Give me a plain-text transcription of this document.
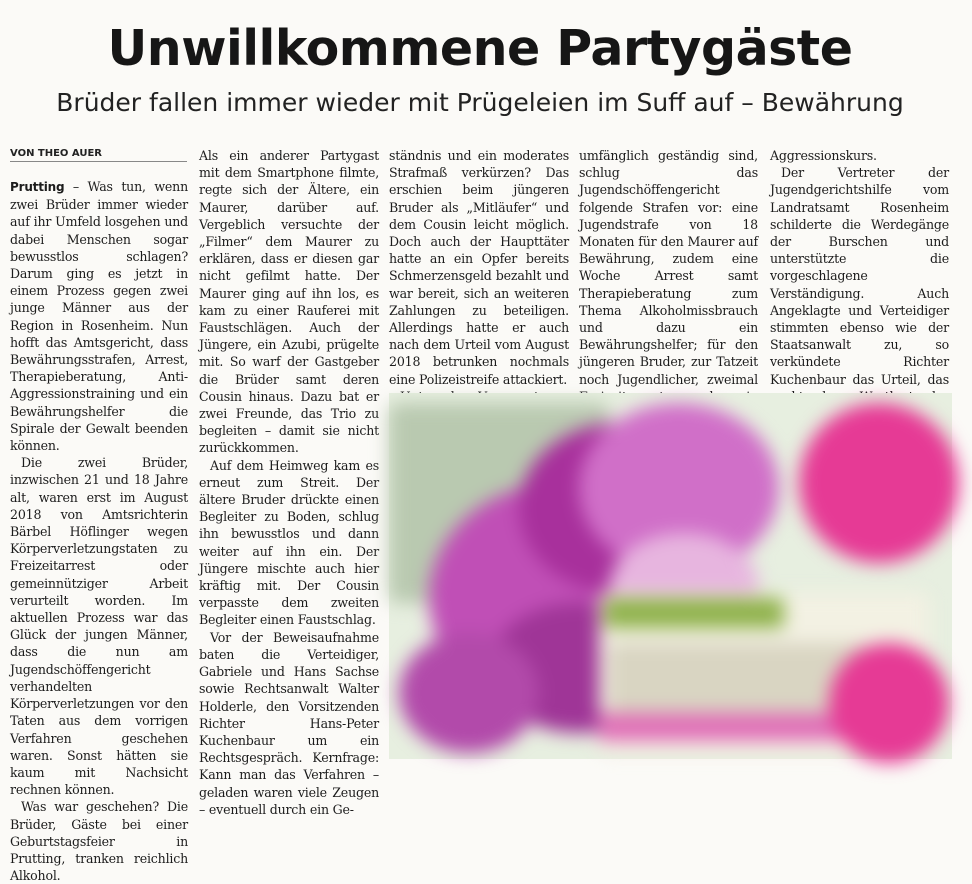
Unwillkommene Partygäste
Brüder fallen immer wieder mit Prügeleien im Suff auf – Bewährung
VON THEO AUER

Prutting – Was tun, wenn zwei Brüder immer wieder auf ihr Umfeld losgehen und dabei Menschen sogar bewusstlos schlagen? Darum ging es jetzt in einem Prozess gegen zwei junge Männer aus der Region in Rosenheim. Nun hofft das Amtsgericht, dass Bewährungsstrafen, Arrest, Therapieberatung, Anti-Aggressionstraining und ein Bewährungshelfer die Spirale der Gewalt beenden können.

Die zwei Brüder, inzwischen 21 und 18 Jahre alt, waren erst im August 2018 von Amtsrichterin Bärbel Höflinger wegen Körperverletzungstaten zu Freizeitarrest oder gemeinnütziger Arbeit verurteilt worden. Im aktuellen Prozess war das Glück der jungen Männer, dass die nun am Jugendschöffengericht verhandelten Körperverletzungen vor den Taten aus dem vorrigen Verfahren geschehen waren. Sonst hätten sie kaum mit Nachsicht rechnen können.

Was war geschehen? Die Brüder, Gäste bei einer Geburtstagsfeier in Prutting, tranken reichlich Alkohol.

Als ein anderer Partygast mit dem Smartphone filmte, regte sich der Ältere, ein Maurer, darüber auf. Vergeblich versuchte der „Filmer“ dem Maurer zu erklären, dass er diesen gar nicht gefilmt hatte. Der Maurer ging auf ihn los, es kam zu einer Rauferei mit Faustschlägen. Auch der Jüngere, ein Azubi, prügelte mit. So warf der Gastgeber die Brüder samt deren Cousin hinaus. Dazu bat er zwei Freunde, das Trio zu begleiten – damit sie nicht zurückkommen.

Auf dem Heimweg kam es erneut zum Streit. Der ältere Bruder drückte einen Begleiter zu Boden, schlug ihn bewusstlos und dann weiter auf ihn ein. Der Jüngere mischte auch hier kräftig mit. Der Cousin verpasste dem zweiten Begleiter einen Faustschlag.

Vor der Beweisaufnahme baten die Verteidiger, Gabriele und Hans Sachse sowie Rechtsanwalt Walter Holderle, den Vorsitzenden Richter Hans-Peter Kuchenbaur um ein Rechtsgespräch. Kernfrage: Kann man das Verfahren – geladen waren viele Zeugen – eventuell durch ein Ge-

ständnis und ein moderates Strafmaß verkürzen? Das erschien beim jüngeren Bruder als „Mitläufer“ und dem Cousin leicht möglich. Doch auch der Haupttäter hatte an ein Opfer bereits Schmerzensgeld bezahlt und war bereit, sich an weiteren Zahlungen zu beteiligen. Allerdings hatte er auch nach dem Urteil vom August 2018 betrunken nochmals eine Polizeistreife attackiert.

umfänglich geständig sind, schlug das Jugendschöffengericht folgende Strafen vor: eine Jugendstrafe von 18 Monaten für den Maurer auf Bewährung, zudem eine Woche Arrest samt Therapieberatung zum Thema Alkoholmissbrauch und dazu ein Bewährungshelfer; für den jüngeren Bruder, zur Tatzeit noch Jugendlicher, zweimal

Aggressionskurs.

Der Vertreter der Jugendgerichtshilfe vom Landratsamt Rosenheim schilderte die Werdegänge der Burschen und unterstützte die vorgeschlagene Verständigung. Auch Angeklagte und Verteidiger stimmten ebenso wie der Staatsanwalt zu, so verkündete Richter Kuchenbaur das Urteil, das
